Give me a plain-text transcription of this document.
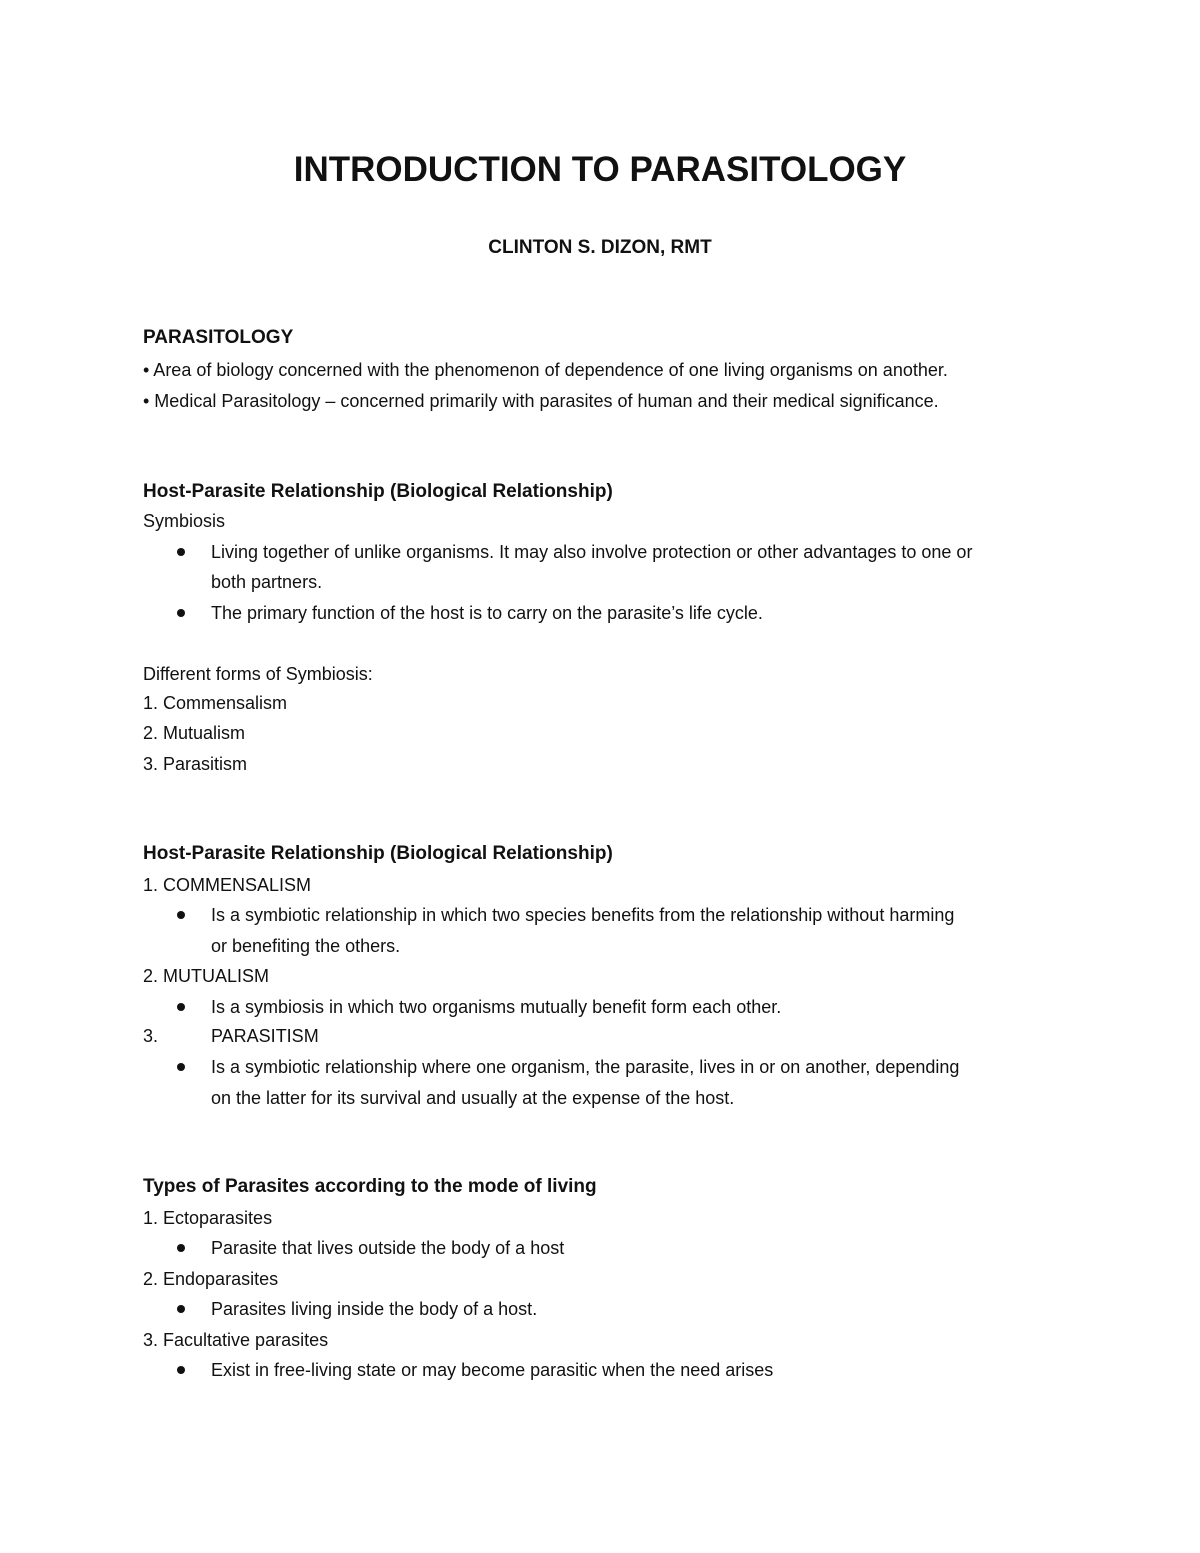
INTRODUCTION TO PARASITOLOGY
CLINTON S. DIZON, RMT
PARASITOLOGY
• Area of biology concerned with the phenomenon of dependence of one living organisms on another.
• Medical Parasitology – concerned primarily with parasites of human and their medical significance.
Host-Parasite Relationship (Biological Relationship)
Symbiosis
Living together of unlike organisms. It may also involve protection or other advantages to one or
both partners.
The primary function of the host is to carry on the parasite’s life cycle.
Different forms of Symbiosis:
1. Commensalism
2. Mutualism
3. Parasitism
Host-Parasite Relationship (Biological Relationship)
1. COMMENSALISM
Is a symbiotic relationship in which two species benefits from the relationship without harming
or benefiting the others.
2. MUTUALISM
Is a symbiosis in which two organisms mutually benefit form each other.
3.	PARASITISM
Is a symbiotic relationship where one organism, the parasite, lives in or on another, depending
on the latter for its survival and usually at the expense of the host.
Types of Parasites according to the mode of living
1. Ectoparasites
Parasite that lives outside the body of a host
2. Endoparasites
Parasites living inside the body of a host.
3. Facultative parasites
Exist in free-living state or may become parasitic when the need arises
